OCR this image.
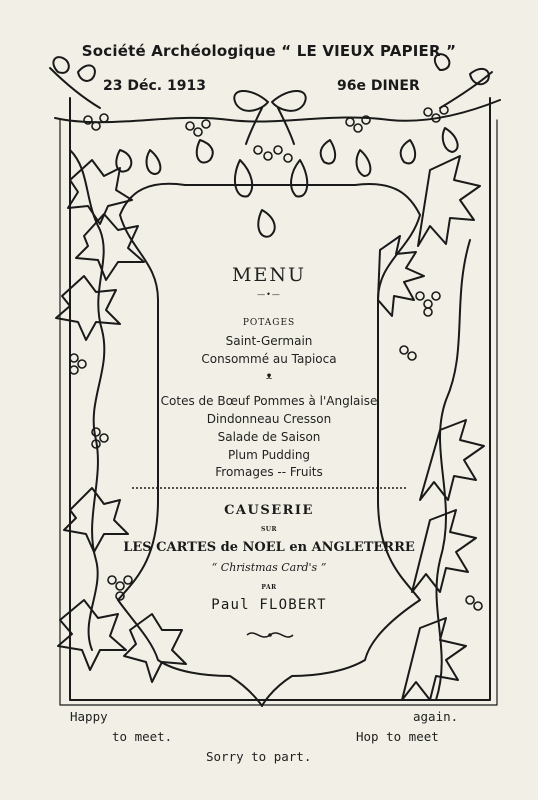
Société Archéologique “ LE VIEUX PAPIER ”
23 Déc. 1913	96e DINER
MENU
—•—
POTAGES
Saint-Germain
Consommé au Tapioca
ᴥ
Cotes de Bœuf Pommes à l'Anglaise
Dindonneau Cresson
Salade de Saison
Plum Pudding
Fromages -- Fruits
CAUSERIE
SUR
LES CARTES de NOEL en ANGLETERRE
“ Christmas Card's ”
PAR
Paul FLOBERT
Happy
to meet.
again.
Hop to meet
Sorry to part.
